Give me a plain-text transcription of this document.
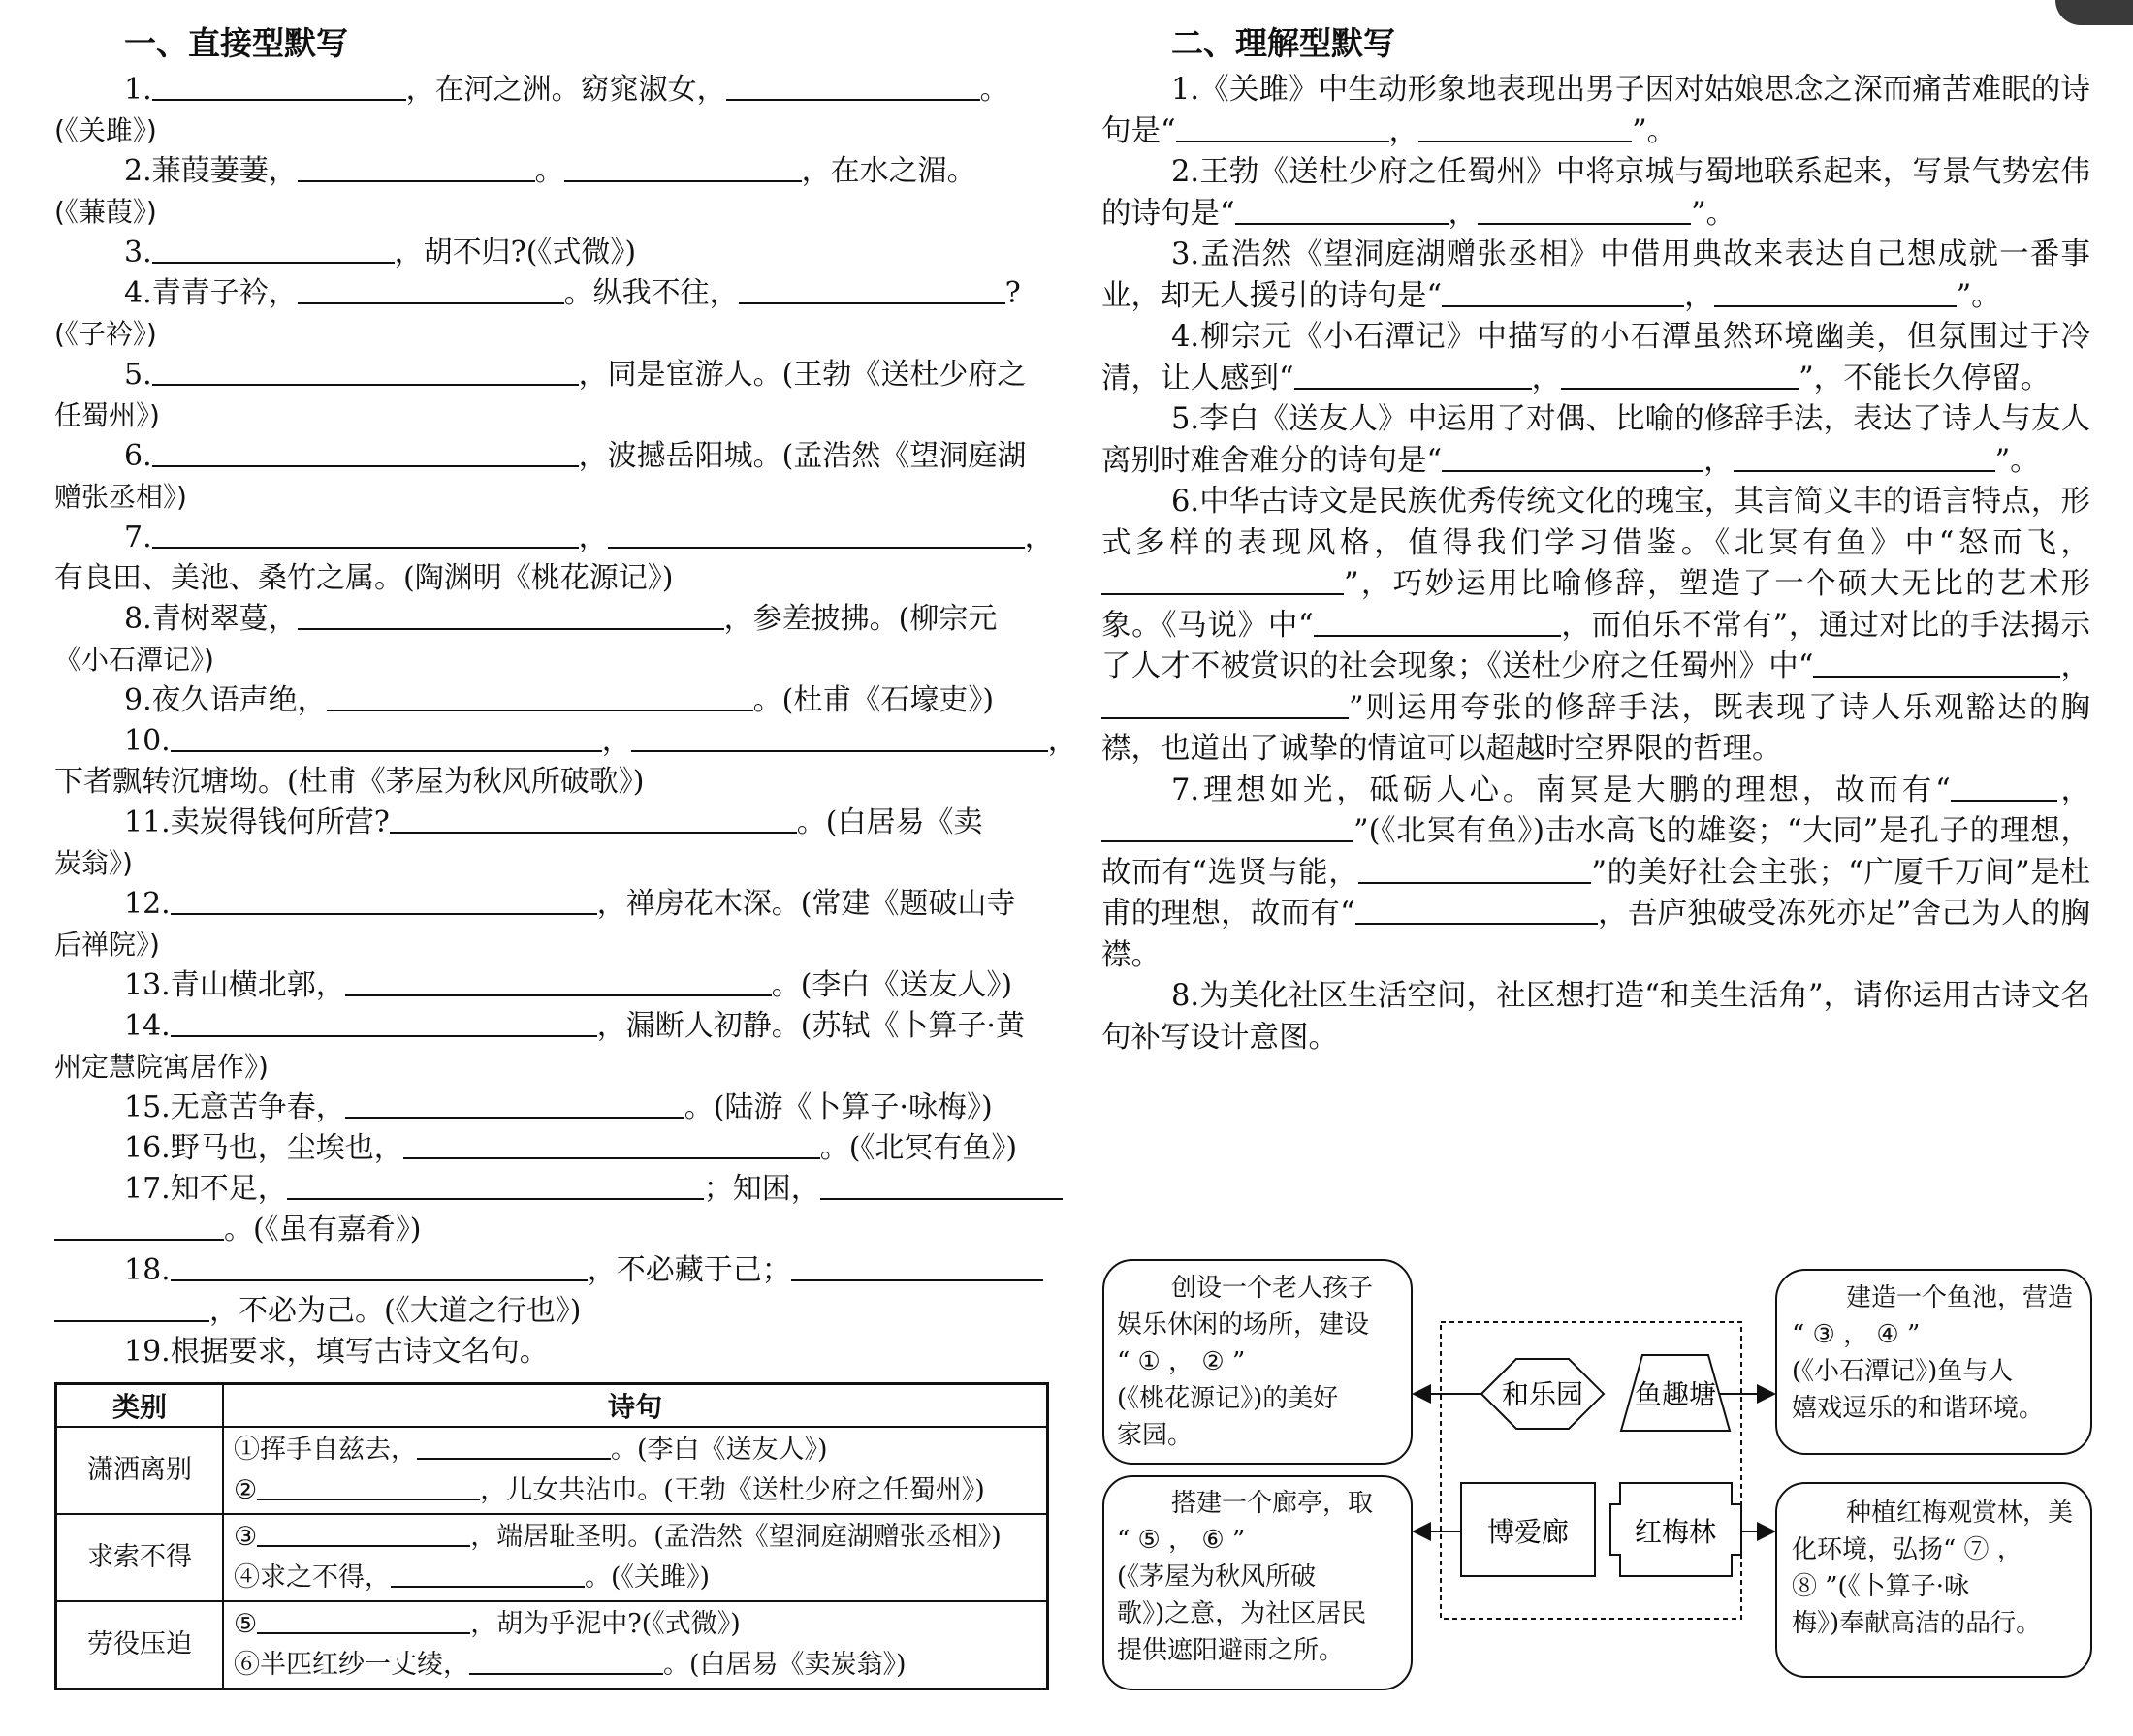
一、直接型默写
1.	，在河之洲。窈窕淑女，	。
(《关雎》)
2.蒹葭萋萋，	。	，在水之湄。
(《蒹葭》)
3.	，胡不归?(《式微》)
4.青青子衿，	。纵我不往，	?
(《子衿》)
5.	，同是宦游人。(王勃《送杜少府之
任蜀州》)
6.	，波撼岳阳城。(孟浩然《望洞庭湖
赠张丞相》)
7.	，	，
有良田、美池、桑竹之属。(陶渊明《桃花源记》)
8.青树翠蔓，	，参差披拂。(柳宗元
《小石潭记》)
9.夜久语声绝，	。(杜甫《石壕吏》)
10.	，	，
下者飘转沉塘坳。(杜甫《茅屋为秋风所破歌》)
11.卖炭得钱何所营?	。(白居易《卖
炭翁》)
12.	，禅房花木深。(常建《题破山寺
后禅院》)
13.青山横北郭，	。(李白《送友人》)
14.	，漏断人初静。(苏轼《卜算子·黄
州定慧院寓居作》)
15.无意苦争春，	。(陆游《卜算子·咏梅》)
16.野马也，尘埃也，	。(《北冥有鱼》)
17.知不足，	；知困，
。(《虽有嘉肴》)
18.	，不必藏于己；
，不必为己。(《大道之行也》)
19.根据要求，填写古诗文名句。
类别	诗句
潇洒离别	①挥手自兹去， 。(李白《送友人》)
② ，儿女共沾巾。(王勃《送杜少府之任蜀州》)

求索不得	③ ，端居耻圣明。(孟浩然《望洞庭湖赠张丞相》)
④求之不得， 。(《关雎》)

劳役压迫	⑤ ，胡为乎泥中?(《式微》)
⑥半匹红纱一丈绫， 。(白居易《卖炭翁》)
二、理解型默写
1.《关雎》中生动形象地表现出男子因对姑娘思念之深而痛苦难眠的诗句是“	，	”。
2.王勃《送杜少府之任蜀州》中将京城与蜀地联系起来，写景气势宏伟的诗句是“	，	”。
3.孟浩然《望洞庭湖赠张丞相》中借用典故来表达自己想成就一番事业，却无人援引的诗句是“	，	”。
4.柳宗元《小石潭记》中描写的小石潭虽然环境幽美，但氛围过于冷清，让人感到“	，	”，不能长久停留。
5.李白《送友人》中运用了对偶、比喻的修辞手法，表达了诗人与友人离别时难舍难分的诗句是“	，	”。
6.中华古诗文是民族优秀传统文化的瑰宝，其言简义丰的语言特点，形式多样的表现风格，值得我们学习借鉴。《北冥有鱼》中“怒而飞，”，巧妙运用比喻修辞，塑造了一个硕大无比的艺术形象。《马说》中“	，而伯乐不常有”，通过对比的手法揭示了人才不被赏识的社会现象；《送杜少府之任蜀州》中“	，”则运用夸张的修辞手法，既表现了诗人乐观豁达的胸襟，也道出了诚挚的情谊可以超越时空界限的哲理。
7.理想如光，砥砺人心。南冥是大鹏的理想，故而有“	，”(《北冥有鱼》)击水高飞的雄姿；“大同”是孔子的理想，故而有“选贤与能，	”的美好社会主张；“广厦千万间”是杜甫的理想，故而有“	，吾庐独破受冻死亦足”舍己为人的胸襟。
8.为美化社区生活空间，社区想打造“和美生活角”，请你运用古诗文名句补写设计意图。
和乐园 鱼趣塘
博爱廊 红梅林
创设一个老人孩子
娱乐休闲的场所，建设
“ ① ， ② ”
(《桃花源记》)的美好
家园。
建造一个鱼池，营造
“ ③ ， ④ ”
(《小石潭记》)鱼与人
嬉戏逗乐的和谐环境。
搭建一个廊亭，取
“ ⑤ ， ⑥ ”
(《茅屋为秋风所破
歌》)之意，为社区居民
提供遮阳避雨之所。
种植红梅观赏林，美
化环境，弘扬“ ⑦ ，
⑧ ”(《卜算子·咏
梅》)奉献高洁的品行。
